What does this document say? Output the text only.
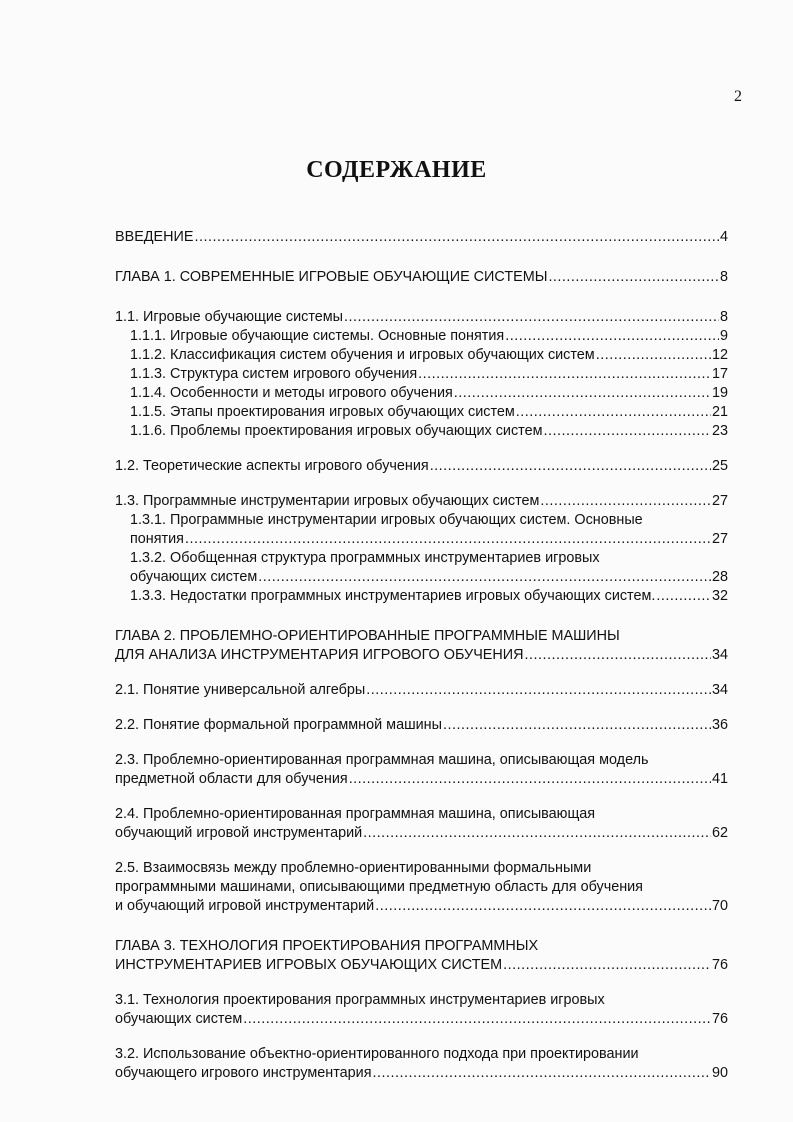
2
СОДЕРЖАНИЕ
ВВЕДЕНИЕ .....	4
ГЛАВА 1. СОВРЕМЕННЫЕ ИГРОВЫЕ ОБУЧАЮЩИЕ СИСТЕМЫ .....	8
1.1. Игровые обучающие системы .....	8
1.1.1. Игровые обучающие системы. Основные понятия .....	9
1.1.2. Классификация систем обучения и игровых обучающих систем .....	12
1.1.3. Структура систем игрового обучения .....	17
1.1.4. Особенности и методы игрового обучения .....	19
1.1.5. Этапы проектирования игровых обучающих систем .....	21
1.1.6. Проблемы проектирования игровых обучающих систем .....	23
1.2. Теоретические аспекты игрового обучения .....	25
1.3. Программные инструментарии игровых обучающих систем .....	27
1.3.1. Программные инструментарии игровых обучающих систем. Основные
понятия .....	27
1.3.2. Обобщенная структура программных инструментариев игровых
обучающих систем .....	28
1.3.3. Недостатки программных инструментариев игровых обучающих систем. .....	32
ГЛАВА 2. ПРОБЛЕМНО-ОРИЕНТИРОВАННЫЕ ПРОГРАММНЫЕ МАШИНЫ
ДЛЯ АНАЛИЗА ИНСТРУМЕНТАРИЯ ИГРОВОГО ОБУЧЕНИЯ .....	34
2.1. Понятие универсальной алгебры .....	34
2.2. Понятие формальной программной машины .....	36
2.3. Проблемно-ориентированная программная машина, описывающая модель
предметной области для обучения .....	41
2.4. Проблемно-ориентированная программная машина, описывающая
обучающий игровой инструментарий .....	62
2.5. Взаимосвязь между проблемно-ориентированными формальными
программными машинами, описывающими предметную область для обучения
и обучающий игровой инструментарий .....	70
ГЛАВА 3. ТЕХНОЛОГИЯ ПРОЕКТИРОВАНИЯ ПРОГРАММНЫХ
ИНСТРУМЕНТАРИЕВ ИГРОВЫХ ОБУЧАЮЩИХ СИСТЕМ .....	76
3.1. Технология проектирования программных инструментариев игровых
обучающих систем .....	76
3.2. Использование объектно-ориентированного подхода при проектировании
обучающего игрового инструментария .....	90
